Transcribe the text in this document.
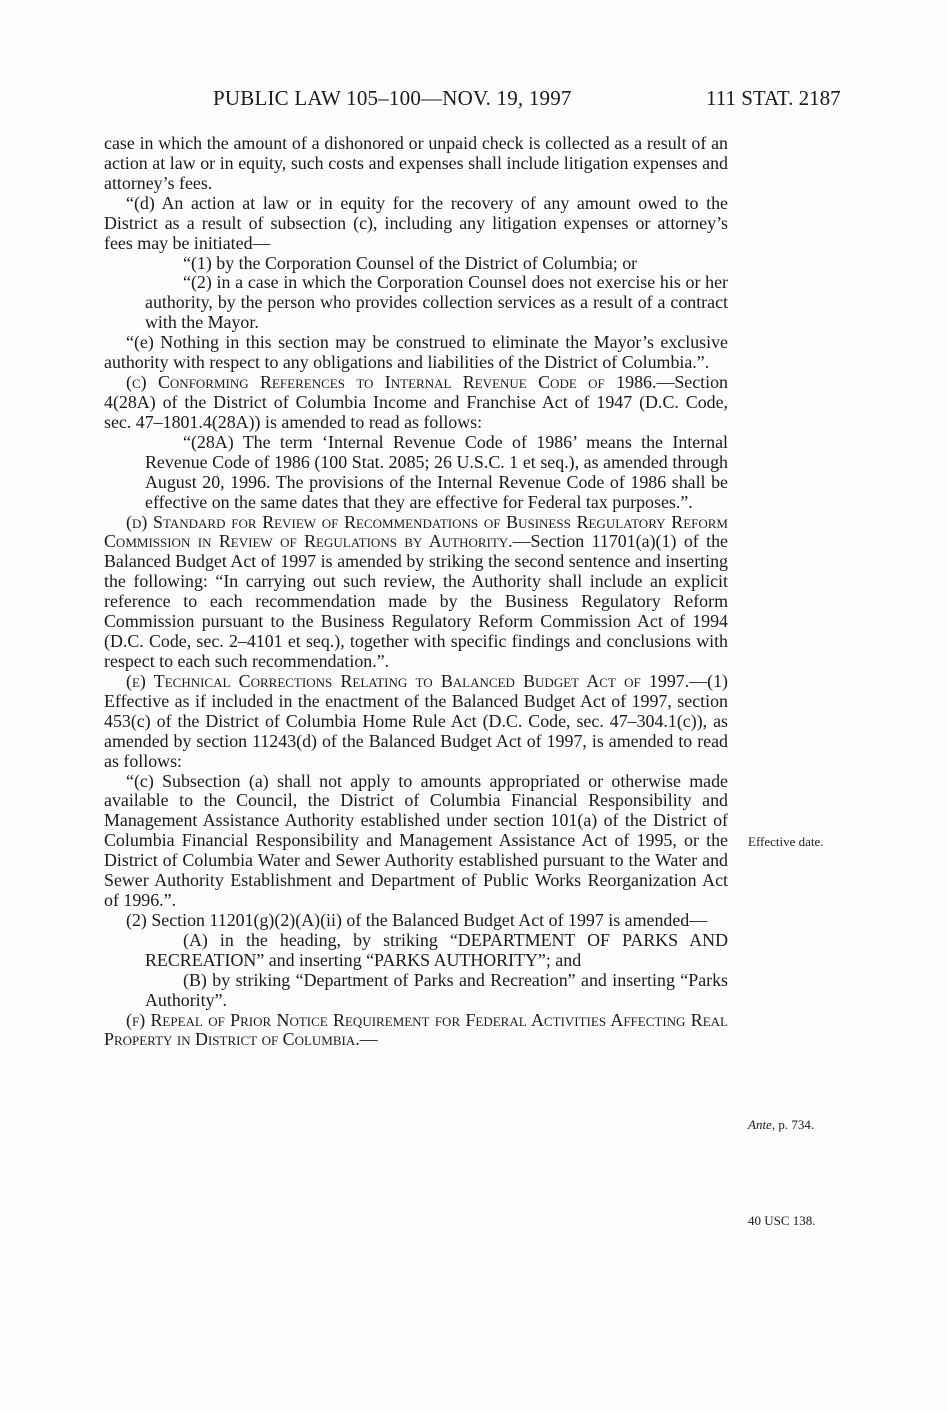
PUBLIC LAW 105–100—NOV. 19, 1997	111 STAT. 2187

case in which the amount of a dishonored or unpaid check is collected as a result of an action at law or in equity, such costs and expenses shall include litigation expenses and attorney’s fees.

“(d) An action at law or in equity for the recovery of any amount owed to the District as a result of subsection (c), including any litigation expenses or attorney’s fees may be initiated—

“(1) by the Corporation Counsel of the District of Columbia; or

“(2) in a case in which the Corporation Counsel does not exercise his or her authority, by the person who provides collection services as a result of a contract with the Mayor.

“(e) Nothing in this section may be construed to eliminate the Mayor’s exclusive authority with respect to any obligations and liabilities of the District of Columbia.”.

(c) Conforming References to Internal Revenue Code of 1986.—Section 4(28A) of the District of Columbia Income and Franchise Act of 1947 (D.C. Code, sec. 47–1801.4(28A)) is amended to read as follows:

“(28A) The term ‘Internal Revenue Code of 1986’ means the Internal Revenue Code of 1986 (100 Stat. 2085; 26 U.S.C. 1 et seq.), as amended through August 20, 1996. The provisions of the Internal Revenue Code of 1986 shall be effective on the same dates that they are effective for Federal tax purposes.”.

(d) Standard for Review of Recommendations of Business Regulatory Reform Commission in Review of Regulations by Authority.—Section 11701(a)(1) of the Balanced Budget Act of 1997 is amended by striking the second sentence and inserting the following: “In carrying out such review, the Authority shall include an explicit reference to each recommendation made by the Business Regulatory Reform Commission pursuant to the Business Regulatory Reform Commission Act of 1994 (D.C. Code, sec. 2–4101 et seq.), together with specific findings and conclusions with respect to each such recommendation.”.

(e) Technical Corrections Relating to Balanced Budget Act of 1997.—(1) Effective as if included in the enactment of the Balanced Budget Act of 1997, section 453(c) of the District of Columbia Home Rule Act (D.C. Code, sec. 47–304.1(c)), as amended by section 11243(d) of the Balanced Budget Act of 1997, is amended to read as follows:

“(c) Subsection (a) shall not apply to amounts appropriated or otherwise made available to the Council, the District of Columbia Financial Responsibility and Management Assistance Authority established under section 101(a) of the District of Columbia Financial Responsibility and Management Assistance Act of 1995, or the District of Columbia Water and Sewer Authority established pursuant to the Water and Sewer Authority Establishment and Department of Public Works Reorganization Act of 1996.”.

(2) Section 11201(g)(2)(A)(ii) of the Balanced Budget Act of 1997 is amended—

(A) in the heading, by striking “DEPARTMENT OF PARKS AND RECREATION” and inserting “PARKS AUTHORITY”; and

(B) by striking “Department of Parks and Recreation” and inserting “Parks Authority”.

(f) Repeal of Prior Notice Requirement for Federal Activities Affecting Real Property in District of Columbia.—

Effective date.
Ante, p. 734.
40 USC 138.
